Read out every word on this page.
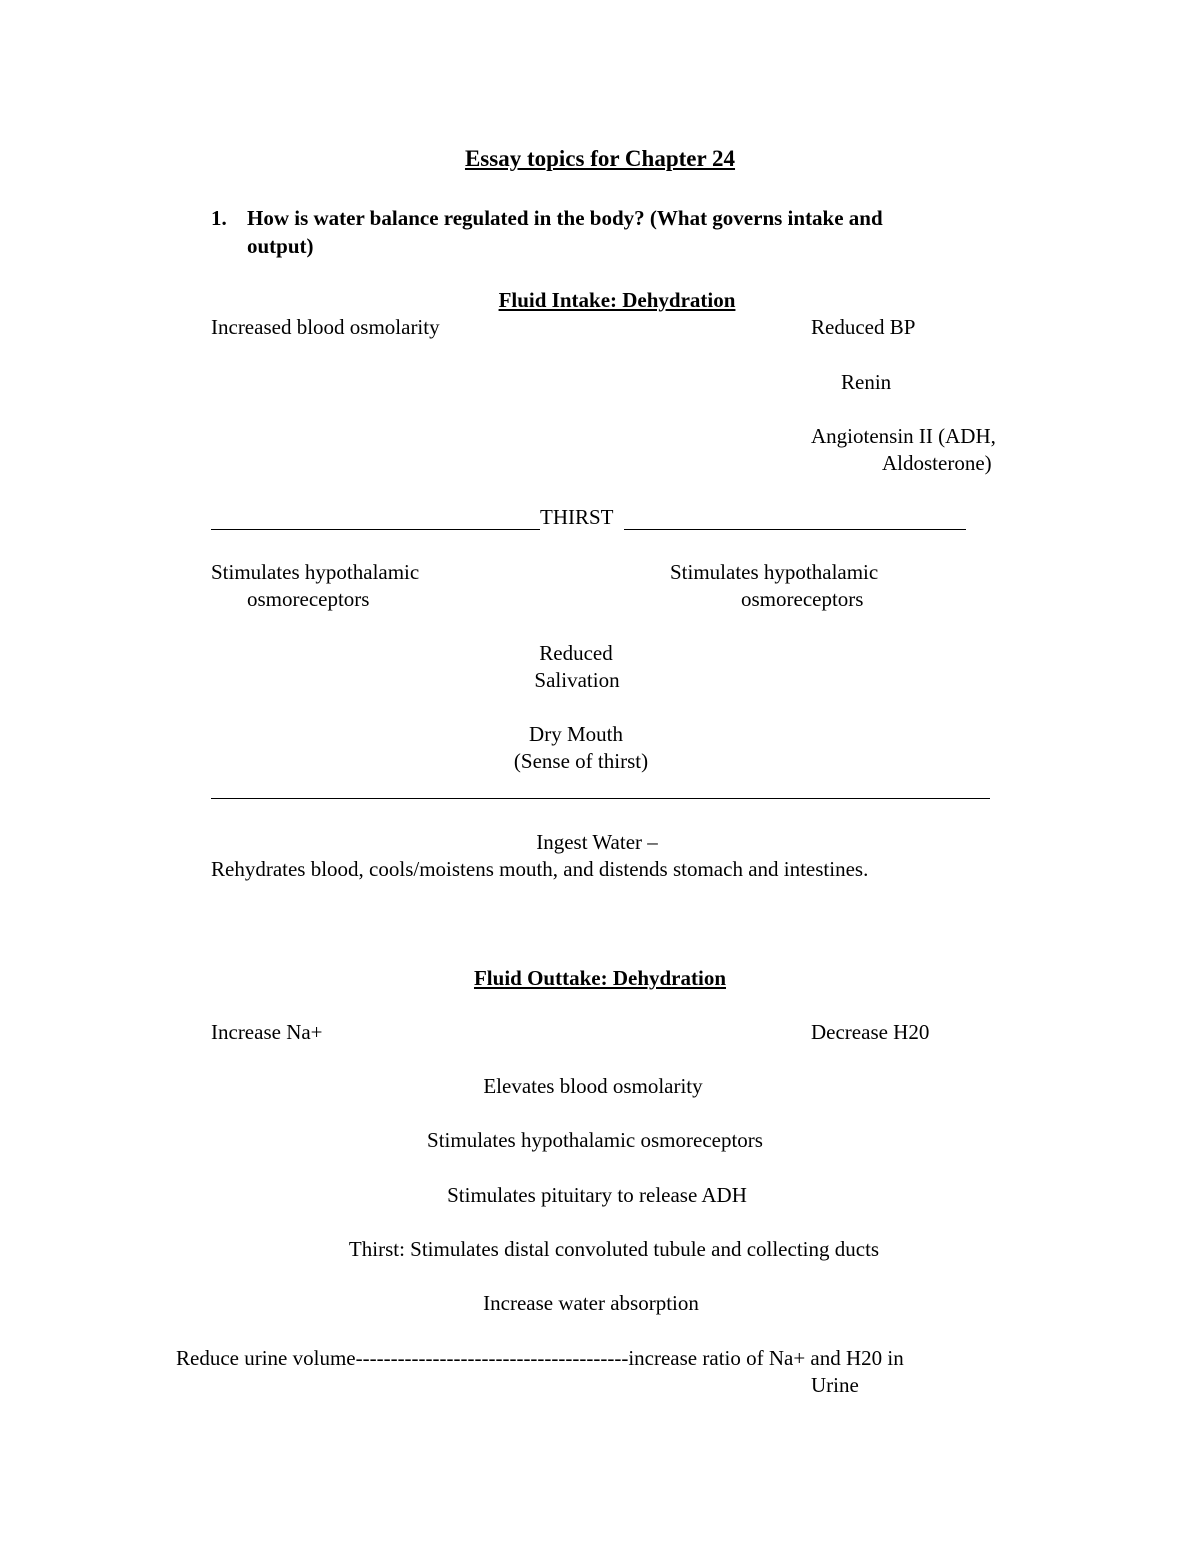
Essay topics for Chapter 24
1. How is water balance regulated in the body? (What governs intake and
output)
Fluid Intake: Dehydration
Increased blood osmolarity	Reduced BP
Renin
Angiotensin II (ADH,
Aldosterone)
THIRST
Stimulates hypothalamic
osmoreceptors
Stimulates hypothalamic
osmoreceptors
Reduced
Salivation
Dry Mouth
(Sense of thirst)
Ingest Water –
Rehydrates blood, cools/moistens mouth, and distends stomach and intestines.
Fluid Outtake: Dehydration
Increase Na+	Decrease H20
Elevates blood osmolarity
Stimulates hypothalamic osmoreceptors
Stimulates pituitary to release ADH
Thirst: Stimulates distal convoluted tubule and collecting ducts
Increase water absorption
Reduce urine volume---------------------------------------increase ratio of Na+ and H20 in
Urine
